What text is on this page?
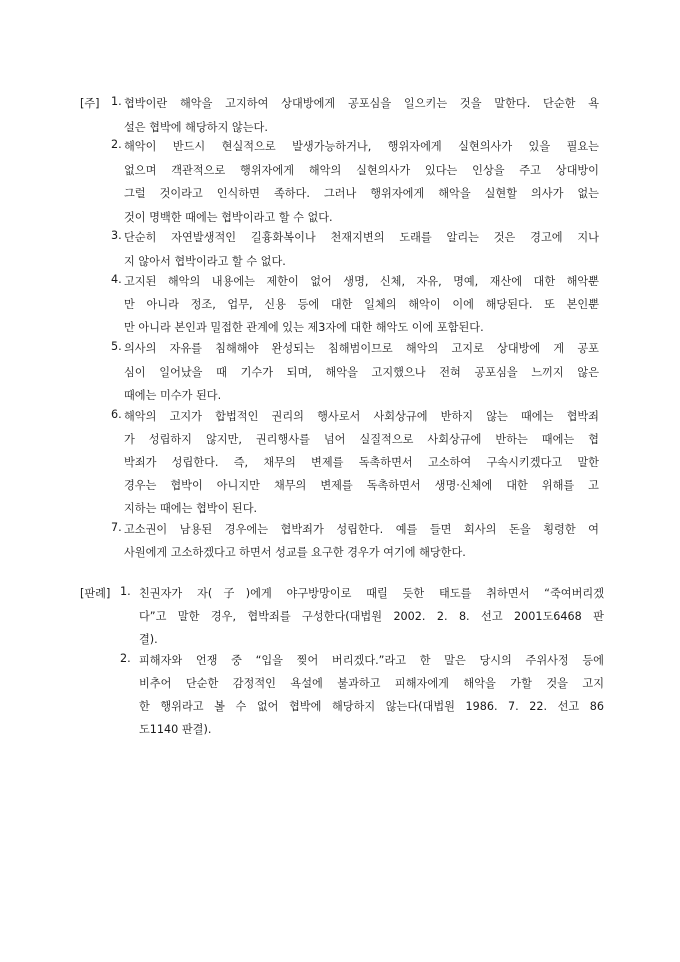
[주] 1. 협박이란 해악을 고지하여 상대방에게 공포심을 일으키는 것을 말한다. 단순한 욕
설은 협박에 해당하지 않는다.
2. 해악이 반드시 현실적으로 발생가능하거나, 행위자에게 실현의사가 있을 필요는
없으며 객관적으로 행위자에게 해악의 실현의사가 있다는 인상을 주고 상대방이
그럴 것이라고 인식하면 족하다. 그러나 행위자에게 해악을 실현할 의사가 없는
것이 명백한 때에는 협박이라고 할 수 없다.
3. 단순히 자연발생적인 길흉화복이나 천재지변의 도래를 알리는 것은 경고에 지나
지 않아서 협박이라고 할 수 없다.
4. 고지된 해악의 내용에는 제한이 없어 생명, 신체, 자유, 명예, 재산에 대한 해악뿐
만 아니라 정조, 업무, 신용 등에 대한 일체의 해악이 이에 해당된다. 또 본인뿐
만 아니라 본인과 밀접한 관계에 있는 제3자에 대한 해악도 이에 포함된다.
5. 의사의 자유를 침해해야 완성되는 침해범이므로 해악의 고지로 상대방에 게 공포
심이 일어났을 때 기수가 되며, 해악을 고지했으나 전혀 공포심을 느끼지 않은
때에는 미수가 된다.
6. 해악의 고지가 합법적인 권리의 행사로서 사회상규에 반하지 않는 때에는 협박죄
가 성립하지 않지만, 권리행사를 넘어 실질적으로 사회상규에 반하는 때에는 협
박죄가 성립한다. 즉, 채무의 변제를 독촉하면서 고소하여 구속시키겠다고 말한
경우는 협박이 아니지만 채무의 변제를 독촉하면서 생명·신체에 대한 위해를 고
지하는 때에는 협박이 된다.
7. 고소권이 남용된 경우에는 협박죄가 성립한다. 예를 들면 회사의 돈을 횡령한 여
사원에게 고소하겠다고 하면서 성교를 요구한 경우가 여기에 해당한다.
[판례] 1. 친권자가 자(子)에게 야구방망이로 때릴 듯한 태도를 취하면서 “죽여버리겠
다”고 말한 경우, 협박죄를 구성한다(대법원 2002. 2. 8. 선고 2001도6468 판
결).
2. 피해자와 언쟁 중 “입을 찢어 버리겠다.”라고 한 말은 당시의 주위사정 등에
비추어 단순한 감정적인 욕설에 불과하고 피해자에게 해악을 가할 것을 고지
한 행위라고 볼 수 없어 협박에 해당하지 않는다(대법원 1986. 7. 22. 선고 86
도1140 판결).
